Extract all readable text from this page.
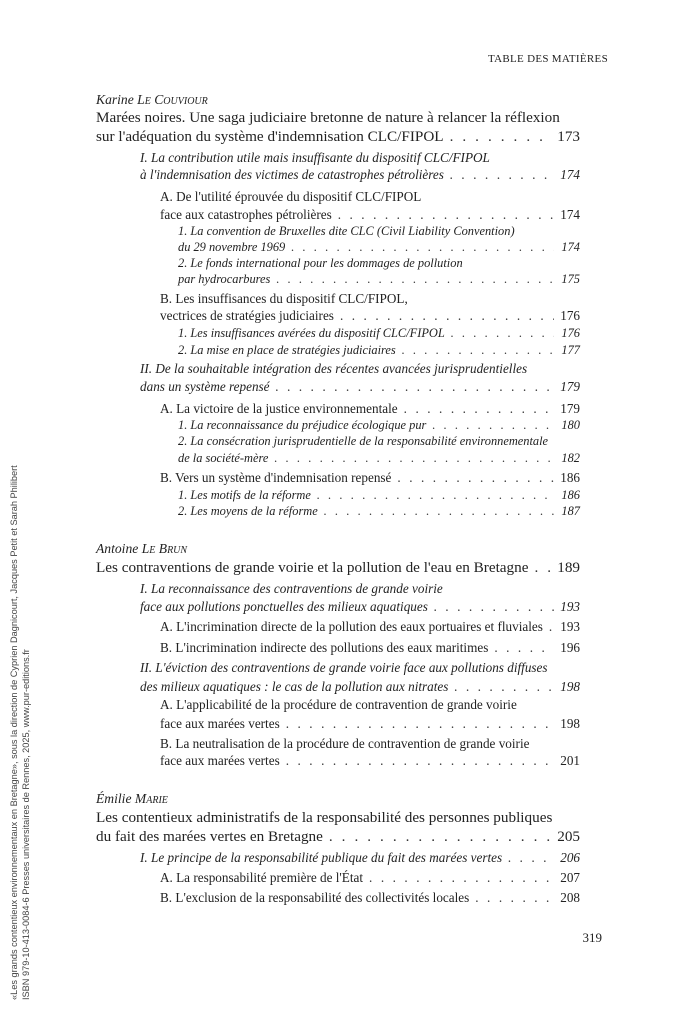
TABLE DES MATIÈRES
«Les grands contentieux environnementaux en Bretagne», sous la direction de Cyprien Dagnicourt, Jacques Petit et Sarah Philibert ISBN 979-10-413-0084-6 Presses universitaires de Rennes, 2025, www.pur-editions.fr
Karine Le Couviour
Marées noires. Une saga judiciaire bretonne de nature à relancer la réflexion
sur l'adéquation du système d'indemnisation CLC/FIPOL . . .	173
I. La contribution utile mais insuffisante du dispositif CLC/FIPOL
à l'indemnisation des victimes de catastrophes pétrolières . . .	174
A. De l'utilité éprouvée du dispositif CLC/FIPOL
face aux catastrophes pétrolières . . .	174
1. La convention de Bruxelles dite CLC (Civil Liability Convention)
du 29 novembre 1969 . . .	174
2. Le fonds international pour les dommages de pollution
par hydrocarbures . . .	175
B. Les insuffisances du dispositif CLC/FIPOL,
vectrices de stratégies judiciaires . . .	176
1. Les insuffisances avérées du dispositif CLC/FIPOL . . .	176
2. La mise en place de stratégies judiciaires . . .	177
II. De la souhaitable intégration des récentes avancées jurisprudentielles
dans un système repensé . . .	179
A. La victoire de la justice environnementale . . .	179
1. La reconnaissance du préjudice écologique pur . . .	180
2. La consécration jurisprudentielle de la responsabilité environnementale
de la société-mère . . .	182
B. Vers un système d'indemnisation repensé . . .	186
1. Les motifs de la réforme . . .	186
2. Les moyens de la réforme . . .	187
Antoine Le Brun
Les contraventions de grande voirie et la pollution de l'eau en Bretagne . . . 189
I. La reconnaissance des contraventions de grande voirie
face aux pollutions ponctuelles des milieux aquatiques . . .	193
A. L'incrimination directe de la pollution des eaux portuaires et fluviales . . . 193
B. L'incrimination indirecte des pollutions des eaux maritimes . . .	196
II. L'éviction des contraventions de grande voirie face aux pollutions diffuses
des milieux aquatiques : le cas de la pollution aux nitrates . . .	198
A. L'applicabilité de la procédure de contravention de grande voirie
face aux marées vertes . . .	198
B. La neutralisation de la procédure de contravention de grande voirie
face aux marées vertes . . .	201
Émilie Marie
Les contentieux administratifs de la responsabilité des personnes publiques
du fait des marées vertes en Bretagne . . .	205
I. Le principe de la responsabilité publique du fait des marées vertes . . .	206
A. La responsabilité première de l'État . . .	207
B. L'exclusion de la responsabilité des collectivités locales . . .	208
319
